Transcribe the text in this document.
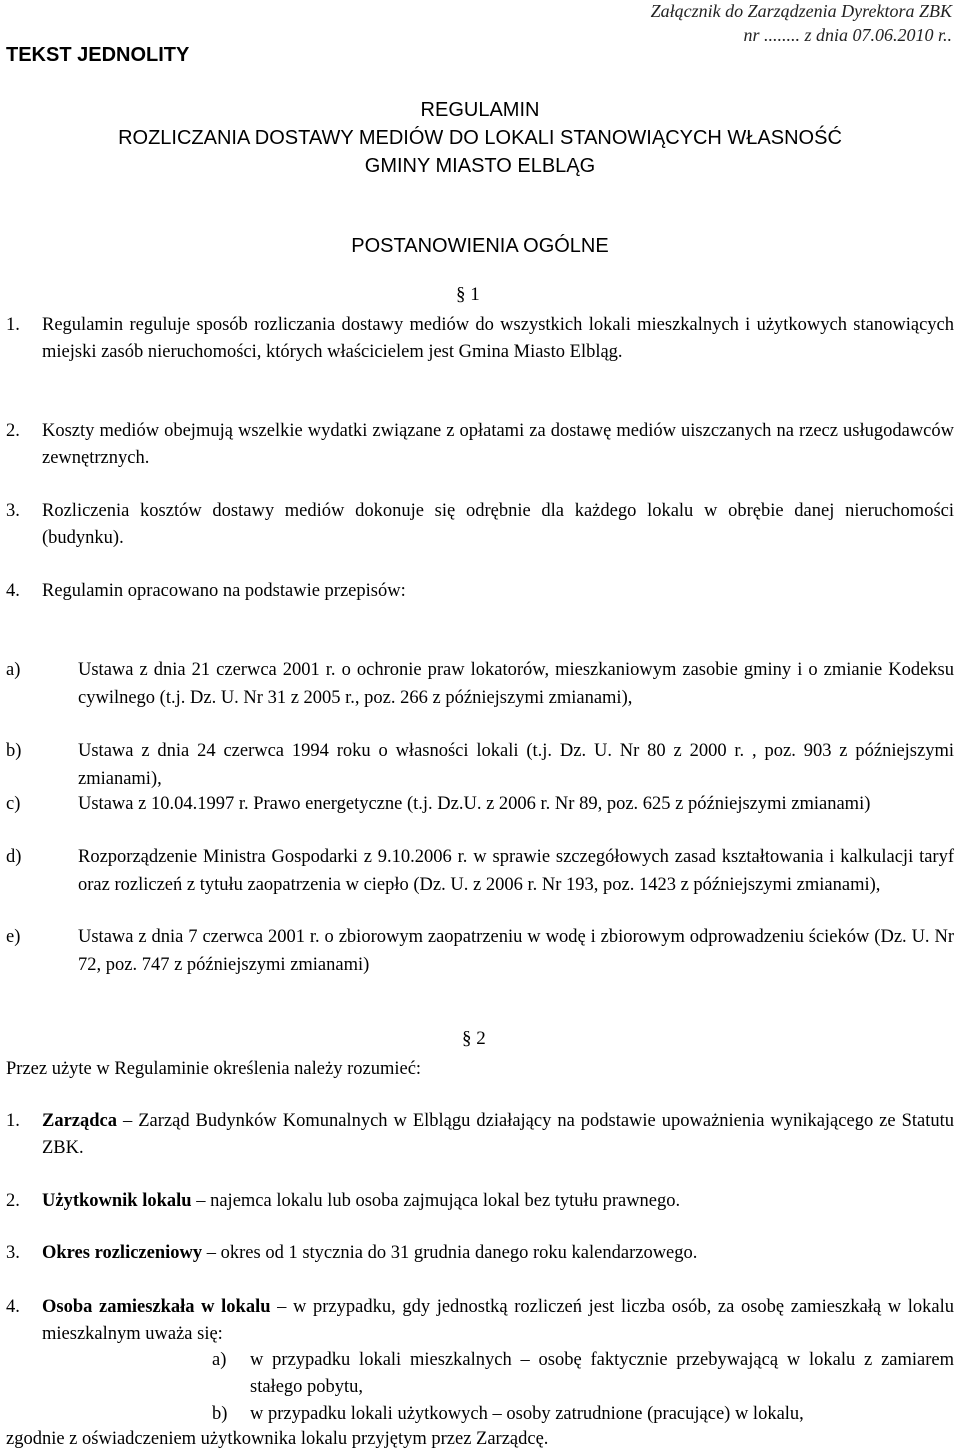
Załącznik do Zarządzenia Dyrektora ZBK
nr ........ z dnia 07.06.2010 r..
TEKST JEDNOLITY
REGULAMIN
ROZLICZANIA DOSTAWY MEDIÓW DO LOKALI STANOWIĄCYCH WŁASNOŚĆ
GMINY MIASTO ELBLĄG
POSTANOWIENIA OGÓLNE
§ 1
1. Regulamin reguluje sposób rozliczania dostawy mediów do wszystkich lokali mieszkalnych i użytkowych stanowiących miejski zasób nieruchomości, których właścicielem jest Gmina Miasto Elbląg.
2. Koszty mediów obejmują wszelkie wydatki związane z opłatami za dostawę mediów uiszczanych na rzecz usługodawców zewnętrznych.
3. Rozliczenia kosztów dostawy mediów dokonuje się odrębnie dla każdego lokalu w obrębie danej nieruchomości (budynku).
4. Regulamin opracowano na podstawie przepisów:
a)	Ustawa z dnia 21 czerwca 2001 r. o ochronie praw lokatorów, mieszkaniowym zasobie gminy i o zmianie Kodeksu cywilnego (t.j. Dz. U. Nr 31 z 2005 r., poz. 266 z późniejszymi zmianami),
b)	Ustawa z dnia 24 czerwca 1994 roku o własności lokali (t.j. Dz. U. Nr 80 z 2000 r. , poz. 903 z późniejszymi zmianami),
c)	Ustawa z 10.04.1997 r. Prawo energetyczne (t.j. Dz.U. z 2006 r. Nr 89, poz. 625 z późniejszymi zmianami)
d)	Rozporządzenie Ministra Gospodarki z 9.10.2006 r. w sprawie szczegółowych zasad kształtowania i kalkulacji taryf oraz rozliczeń z tytułu zaopatrzenia w ciepło (Dz. U. z 2006 r. Nr 193, poz. 1423 z późniejszymi zmianami),
e)	Ustawa z dnia 7 czerwca 2001 r. o zbiorowym zaopatrzeniu w wodę i zbiorowym odprowadzeniu ścieków (Dz. U. Nr 72, poz. 747 z późniejszymi zmianami)
§ 2
Przez użyte w Regulaminie określenia należy rozumieć:
1. Zarządca – Zarząd Budynków Komunalnych w Elblągu działający na podstawie upoważnienia wynikającego ze Statutu ZBK.
2. Użytkownik lokalu – najemca lokalu lub osoba zajmująca lokal bez tytułu prawnego.
3. Okres rozliczeniowy – okres od 1 stycznia do 31 grudnia danego roku kalendarzowego.
4. Osoba zamieszkała w lokalu – w przypadku, gdy jednostką rozliczeń jest liczba osób, za osobę zamieszkałą w lokalu mieszkalnym uważa się:
a) w przypadku lokali mieszkalnych – osobę faktycznie przebywającą w lokalu z zamiarem stałego pobytu,
b) w przypadku lokali użytkowych – osoby zatrudnione (pracujące) w lokalu,
zgodnie z oświadczeniem użytkownika lokalu przyjętym przez Zarządcę.
